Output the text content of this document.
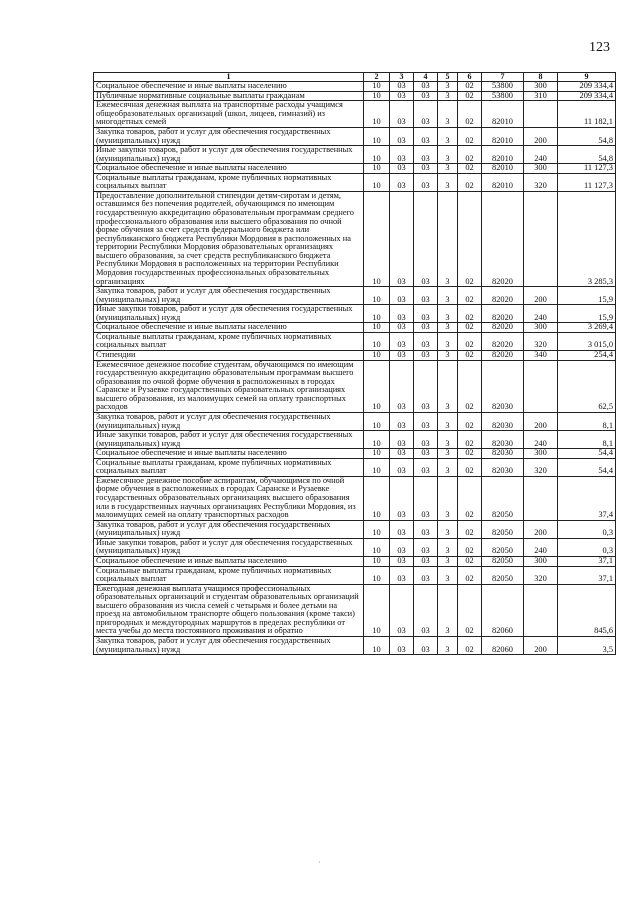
123
1	2	3	4	5	6	7	8	9
Социальное обеспечение и иные выплаты населению	10	03	03	3	02	53800	300	209 334,4
Публичные нормативные социальные выплаты гражданам	10	03	03	3	02	53800	310	209 334,4
Ежемесячная денежная выплата на транспортные расходы учащимся общеобразовательных организаций (школ, лицеев, гимназий) из многодетных семей	10	03	03	3	02	82010		11 182,1
Закупка товаров, работ и услуг для обеспечения государственных (муниципальных) нужд	10	03	03	3	02	82010	200	54,8
Иные закупки товаров, работ и услуг для обеспечения государственных (муниципальных) нужд	10	03	03	3	02	82010	240	54,8
Социальное обеспечение и иные выплаты населению	10	03	03	3	02	82010	300	11 127,3
Социальные выплаты гражданам, кроме публичных нормативных социальных выплат	10	03	03	3	02	82010	320	11 127,3
Предоставление дополнительной стипендии детям-сиротам и детям, оставшимся без попечения родителей, обучающимся по имеющим государственную аккредитацию образовательным программам среднего профессионального образования или высшего образования по очной форме обучения за счет средств федерального бюджета или республиканского бюджета Республики Мордовия в расположенных на территории Республики Мордовия образовательных организациях высшего образования, за счет средств республиканского бюджета Республики Мордовия в расположенных на территории Республики Мордовия государственных профессиональных образовательных организациях	10	03	03	3	02	82020		3 285,3
Закупка товаров, работ и услуг для обеспечения государственных (муниципальных) нужд	10	03	03	3	02	82020	200	15,9
Иные закупки товаров, работ и услуг для обеспечения государственных (муниципальных) нужд	10	03	03	3	02	82020	240	15,9
Социальное обеспечение и иные выплаты населению	10	03	03	3	02	82020	300	3 269,4
Социальные выплаты гражданам, кроме публичных нормативных социальных выплат	10	03	03	3	02	82020	320	3 015,0
Стипендии	10	03	03	3	02	82020	340	254,4
Ежемесячное денежное пособие студентам, обучающимся по имеющим государственную аккредитацию образовательным программам высшего образования по очной форме обучения в расположенных в городах Саранске и Рузаевке государственных образовательных организациях высшего образования, из малоимущих семей на оплату транспортных расходов	10	03	03	3	02	82030		62,5
Закупка товаров, работ и услуг для обеспечения государственных (муниципальных) нужд	10	03	03	3	02	82030	200	8,1
Иные закупки товаров, работ и услуг для обеспечения государственных (муниципальных) нужд	10	03	03	3	02	82030	240	8,1
Социальное обеспечение и иные выплаты населению	10	03	03	3	02	82030	300	54,4
Социальные выплаты гражданам, кроме публичных нормативных социальных выплат	10	03	03	3	02	82030	320	54,4
Ежемесячное денежное пособие аспирантам, обучающимся по очной форме обучения в расположенных в городах Саранске и Рузаевке государственных образовательных организациях высшего образования или в государственных научных организациях Республики Мордовия, из малоимущих семей на оплату транспортных расходов	10	03	03	3	02	82050		37,4
Закупка товаров, работ и услуг для обеспечения государственных (муниципальных) нужд	10	03	03	3	02	82050	200	0,3
Иные закупки товаров, работ и услуг для обеспечения государственных (муниципальных) нужд	10	03	03	3	02	82050	240	0,3
Социальное обеспечение и иные выплаты населению	10	03	03	3	02	82050	300	37,1
Социальные выплаты гражданам, кроме публичных нормативных социальных выплат	10	03	03	3	02	82050	320	37,1
Ежегодная денежная выплата учащимся профессиональных образовательных организаций и студентам образовательных организаций высшего образования из числа семей с четырьмя и более детьми на проезд на автомобильном транспорте общего пользования (кроме такси) пригородных и междугородных маршрутов в пределах республики от места учебы до места постоянного проживания и обратно	10	03	03	3	02	82060		845,6
Закупка товаров, работ и услуг для обеспечения государственных (муниципальных) нужд	10	03	03	3	02	82060	200	3,5
·
